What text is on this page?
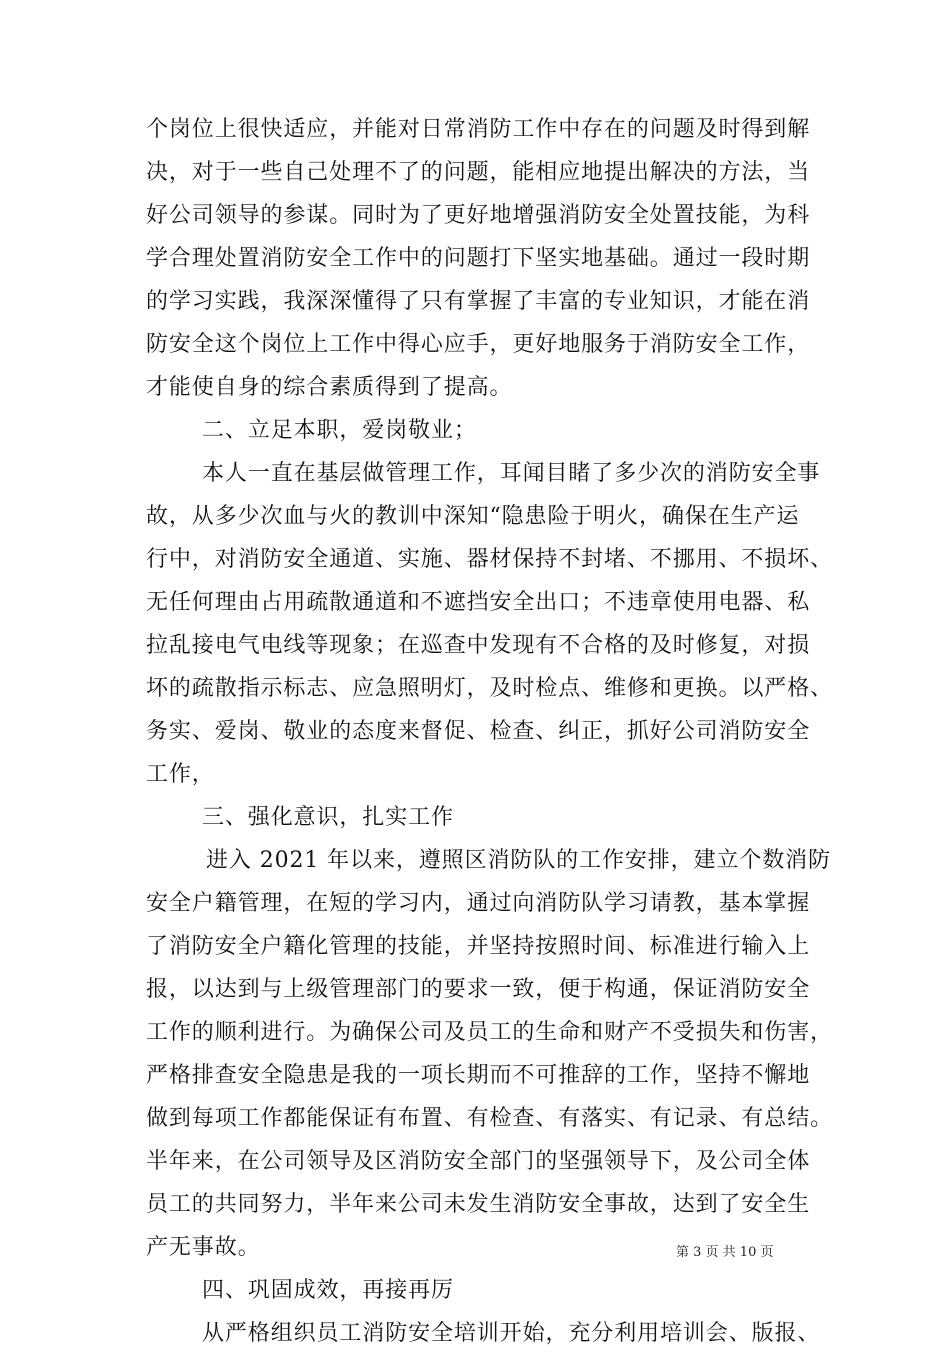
个岗位上很快适应，并能对日常消防工作中存在的问题及时得到解
决，对于一些自己处理不了的问题，能相应地提出解决的方法，当
好公司领导的参谋。同时为了更好地增强消防安全处置技能，为科
学合理处置消防安全工作中的问题打下坚实地基础。通过一段时期
的学习实践，我深深懂得了只有掌握了丰富的专业知识，才能在消
防安全这个岗位上工作中得心应手，更好地服务于消防安全工作，
才能使自身的综合素质得到了提高。
二、立足本职，爱岗敬业；
本人一直在基层做管理工作，耳闻目睹了多少次的消防安全事
故，从多少次血与火的教训中深知“隐患险于明火，确保在生产运
行中，对消防安全通道、实施、器材保持不封堵、不挪用、不损坏、
无任何理由占用疏散通道和不遮挡安全出口；不违章使用电器、私
拉乱接电气电线等现象；在巡查中发现有不合格的及时修复，对损
坏的疏散指示标志、应急照明灯，及时检点、维修和更换。以严格、
务实、爱岗、敬业的态度来督促、检查、纠正，抓好公司消防安全
工作，
三、强化意识，扎实工作
进入 2021 年以来，遵照区消防队的工作安排，建立个数消防
安全户籍管理，在短的学习内，通过向消防队学习请教，基本掌握
了消防安全户籍化管理的技能，并坚持按照时间、标准进行输入上
报，以达到与上级管理部门的要求一致，便于构通，保证消防安全
工作的顺利进行。为确保公司及员工的生命和财产不受损失和伤害，
严格排查安全隐患是我的一项长期而不可推辞的工作，坚持不懈地
做到每项工作都能保证有布置、有检查、有落实、有记录、有总结。
半年来，在公司领导及区消防安全部门的坚强领导下，及公司全体
员工的共同努力，半年来公司未发生消防安全事故，达到了安全生
产无事故。
四、巩固成效，再接再厉
从严格组织员工消防安全培训开始，充分利用培训会、版报、
第 3 页 共 10 页
